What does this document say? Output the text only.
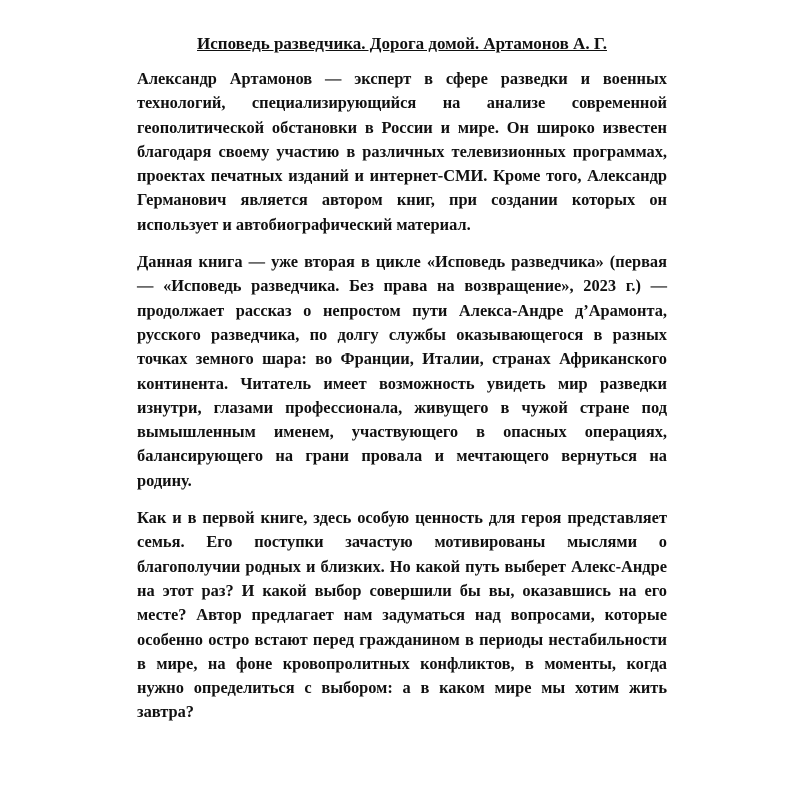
Исповедь разведчика. Дорога домой. Артамонов А. Г.

Александр Артамонов — эксперт в сфере разведки и военных технологий, специализирующийся на анализе современной геополитической обстановки в России и мире. Он широко известен благодаря своему участию в различных телевизионных программах, проектах печатных изданий и интернет-СМИ. Кроме того, Александр Германович является автором книг, при создании которых он использует и автобиографический материал.

Данная книга — уже вторая в цикле «Исповедь разведчика» (первая — «Исповедь разведчика. Без права на возвращение», 2023 г.) —продолжает рассказ о непростом пути Алекса-Андре д’Арамонта, русского разведчика, по долгу службы оказывающегося в разных точках земного шара: во Франции, Италии, странах Африканского континента. Читатель имеет возможность увидеть мир разведки изнутри, глазами профессионала, живущего в чужой стране под вымышленным именем, участвующего в опасных операциях, балансирующего на грани провала и мечтающего вернуться на родину.

Как и в первой книге, здесь особую ценность для героя представляет семья. Его поступки зачастую мотивированы мыслями о благополучии родных и близких. Но какой путь выберет Алекс-Андре на этот раз? И какой выбор совершили бы вы, оказавшись на его месте? Автор предлагает нам задуматься над вопросами, которые особенно остро встают перед гражданином в периоды нестабильности в мире, на фоне кровопролитных конфликтов, в моменты, когда нужно определиться с выбором: а в каком мире мы хотим жить завтра?
